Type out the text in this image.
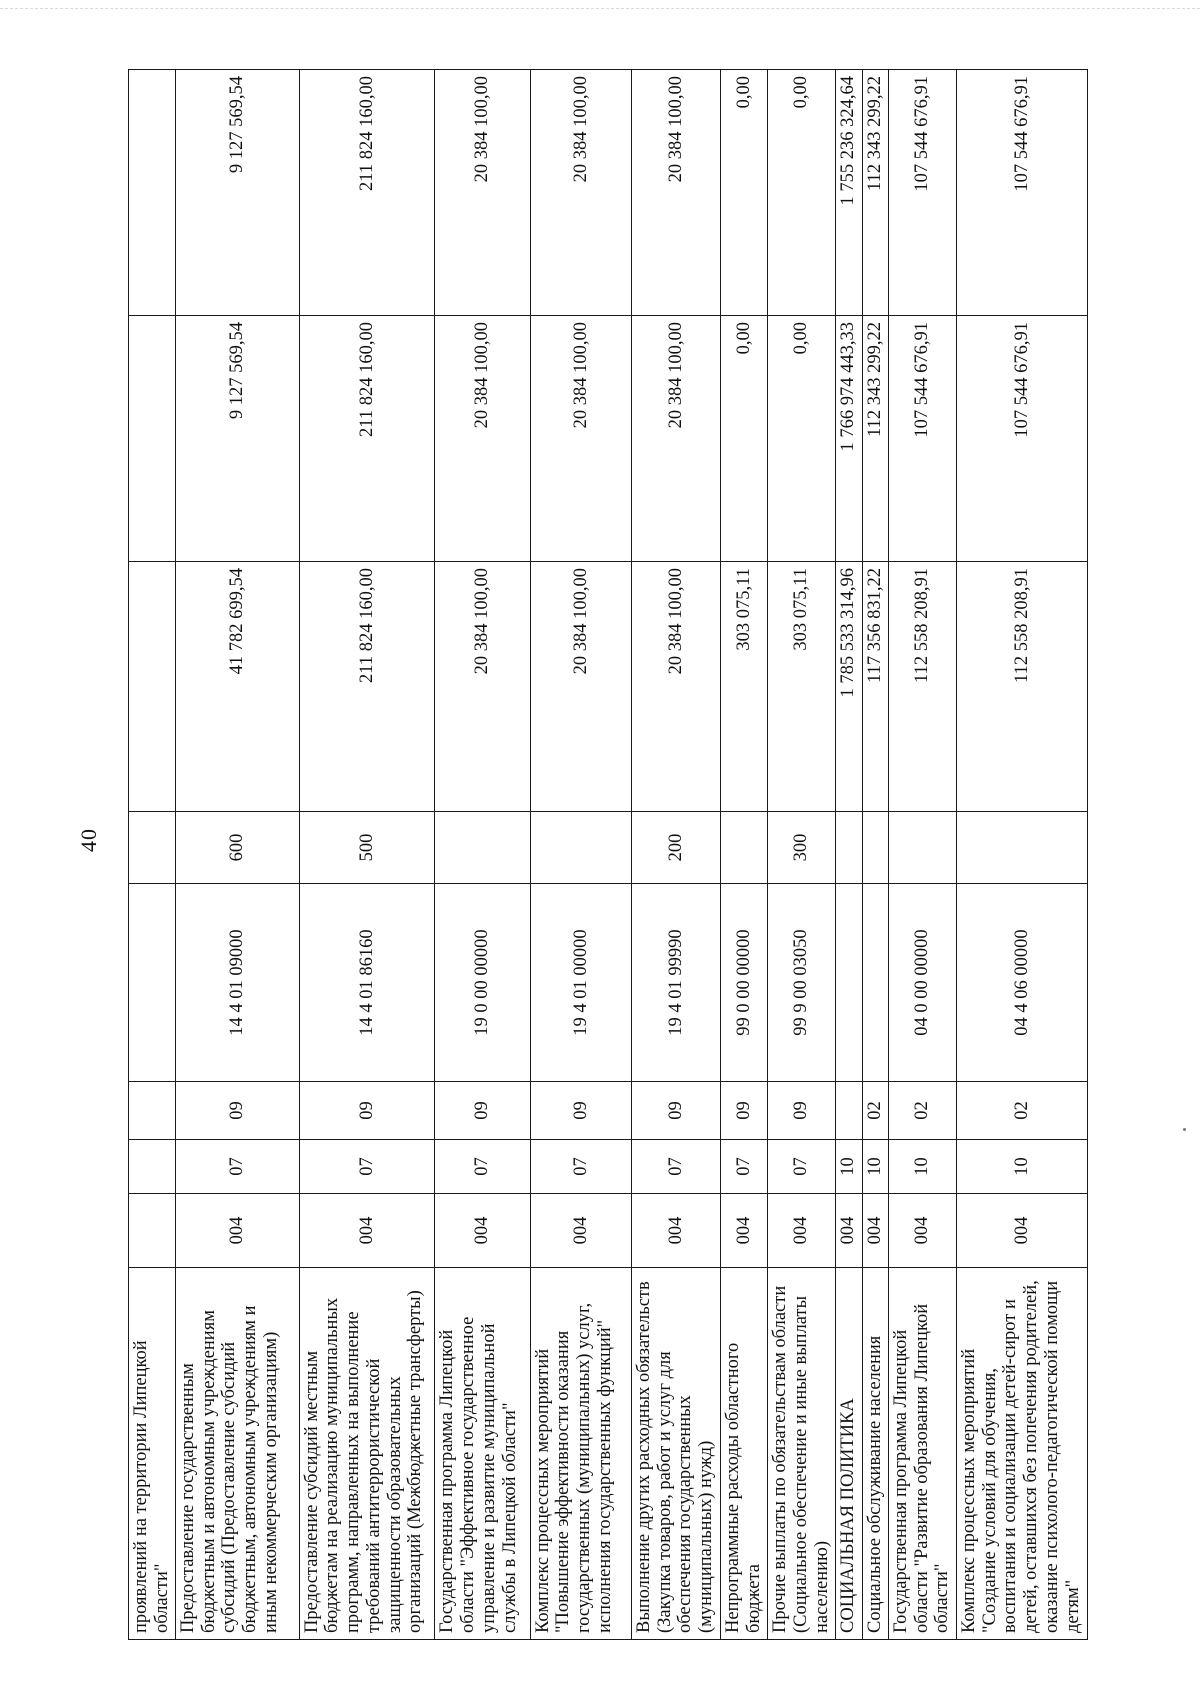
40
проявлений на территории Липецкой области"								
Предоставление государственным бюджетным и автономным учреждениям субсидий (Предоставление субсидий бюджетным, автономным учреждениям и иным некоммерческим организациям)	004	07	09	14 4 01 09000	600	41 782 699,54	9 127 569,54	9 127 569,54
Предоставление субсидий местным бюджетам на реализацию муниципальных программ, направленных на выполнение требований антитеррористической защищенности образовательных организаций (Межбюджетные трансферты)	004	07	09	14 4 01 86160	500	211 824 160,00	211 824 160,00	211 824 160,00
Государственная программа Липецкой области "Эффективное государственное управление и развитие муниципальной службы в Липецкой области"	004	07	09	19 0 00 00000		20 384 100,00	20 384 100,00	20 384 100,00
Комплекс процессных мероприятий "Повышение эффективности оказания государственных (муниципальных) услуг, исполнения государственных функций"	004	07	09	19 4 01 00000		20 384 100,00	20 384 100,00	20 384 100,00
Выполнение других расходных обязательств (Закупка товаров, работ и услуг для обеспечения государственных (муниципальных) нужд)	004	07	09	19 4 01 99990	200	20 384 100,00	20 384 100,00	20 384 100,00
Непрограммные расходы областного бюджета	004	07	09	99 0 00 00000		303 075,11	0,00	0,00
Прочие выплаты по обязательствам области (Социальное обеспечение и иные выплаты населению)	004	07	09	99 9 00 03050	300	303 075,11	0,00	0,00
СОЦИАЛЬНАЯ ПОЛИТИКА	004	10				1 785 533 314,96	1 766 974 443,33	1 755 236 324,64
Социальное обслуживание населения	004	10	02			117 356 831,22	112 343 299,22	112 343 299,22
Государственная программа Липецкой области "Развитие образования Липецкой области"	004	10	02	04 0 00 00000		112 558 208,91	107 544 676,91	107 544 676,91
Комплекс процессных мероприятий "Создание условий для обучения, воспитания и социализации детей-сирот и детей, оставшихся без попечения родителей, оказание психолого-педагогической помощи детям"	004	10	02	04 4 06 00000		112 558 208,91	107 544 676,91	107 544 676,91
